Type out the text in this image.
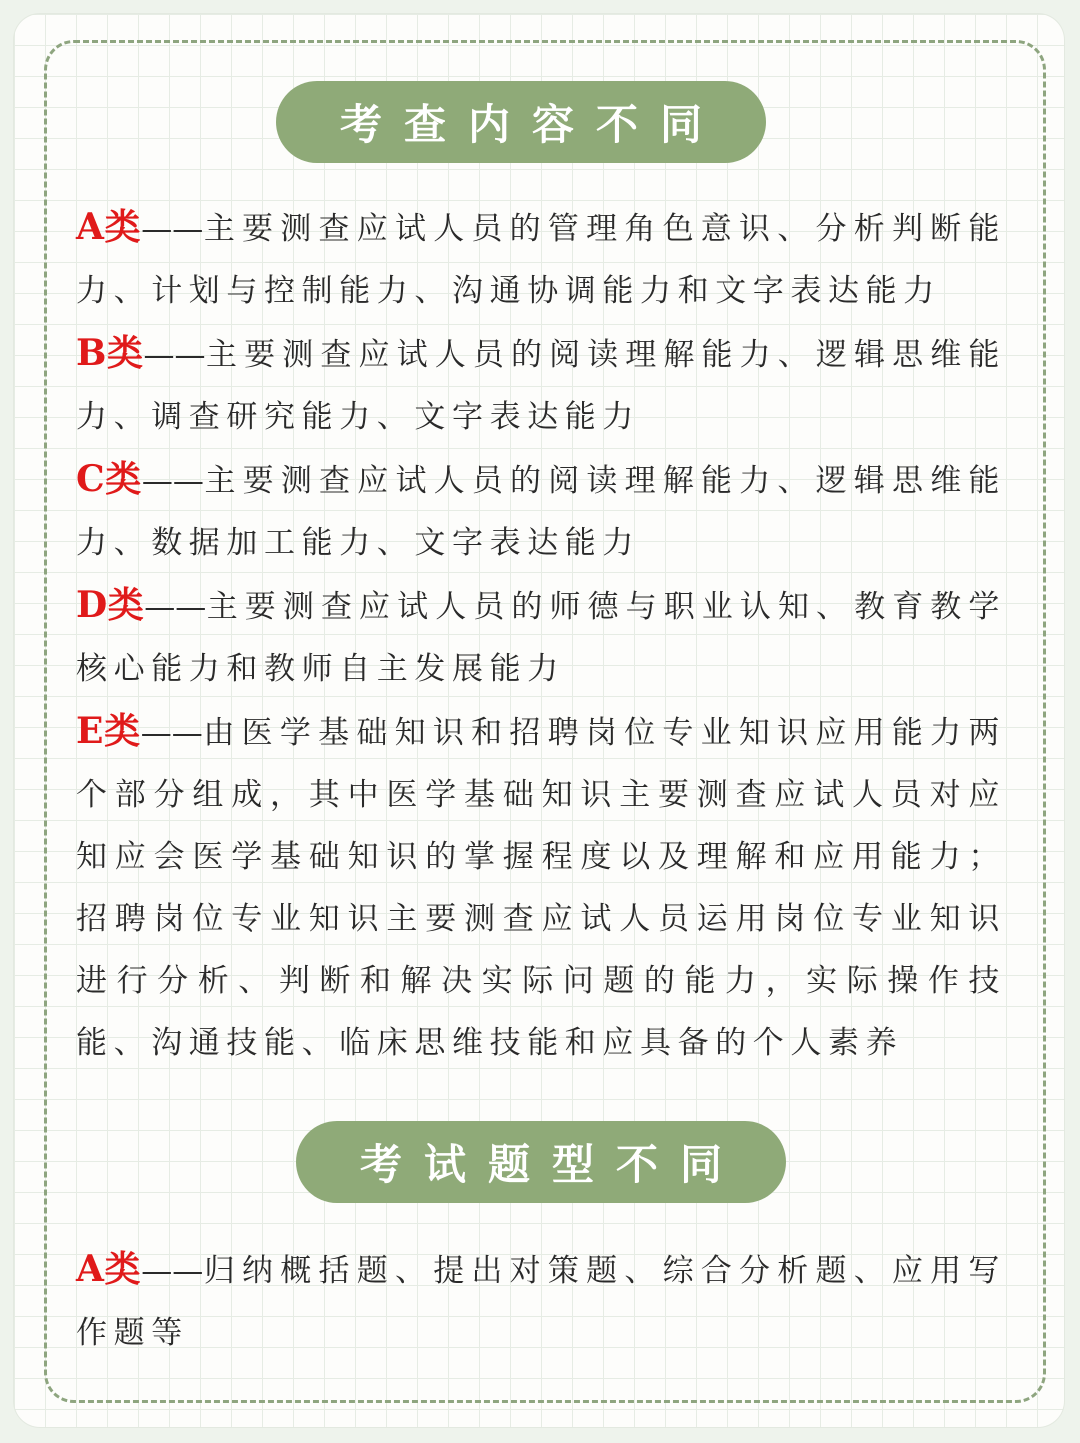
考查内容不同
A类——主要测查应试人员的管理角色意识、分析判断能力、计划与控制能力、沟通协调能力和文字表达能力
B类——主要测查应试人员的阅读理解能力、逻辑思维能力、调查研究能力、文字表达能力
C类——主要测查应试人员的阅读理解能力、逻辑思维能力、数据加工能力、文字表达能力
D类——主要测查应试人员的师德与职业认知、教育教学核心能力和教师自主发展能力
E类——由医学基础知识和招聘岗位专业知识应用能力两个部分组成，其中医学基础知识主要测查应试人员对应知应会医学基础知识的掌握程度以及理解和应用能力；招聘岗位专业知识主要测查应试人员运用岗位专业知识进行分析、判断和解决实际问题的能力，实际操作技能、沟通技能、临床思维技能和应具备的个人素养
考试题型不同
A类——归纳概括题、提出对策题、综合分析题、应用写作题等
